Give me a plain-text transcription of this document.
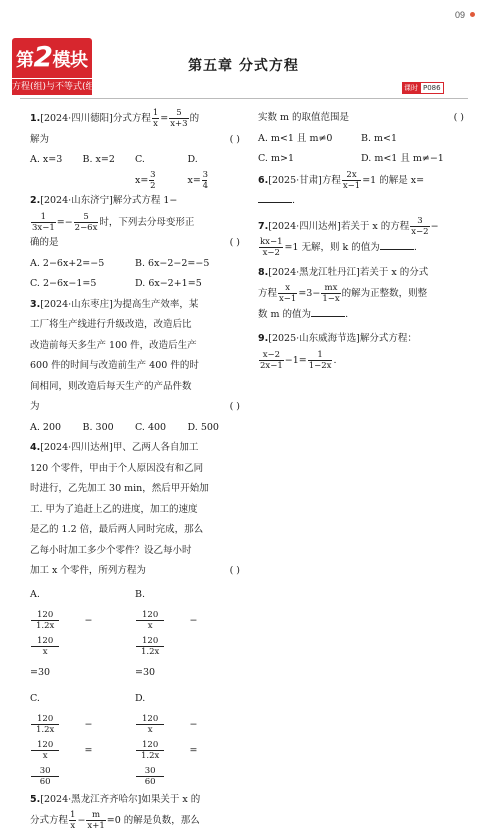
09
第2模块
方程(组)与不等式(组)
第五章 分式方程
课时 P086
1.[2024·四川德阳]分式方程 $\frac{1}{x} = \frac{5}{x+3}$ 的
解为	( )
A. x=3	B. x=2	C. $x= \frac{3}{2}$
D. $x= \frac{3}{4}$
2.[2024·山东济宁]解分式方程 1−

$\frac{1}{3x-1} =- \frac{5}{2-6x}$ 时，下列去分母变形正
确的是	( )
A. 2−6x+2=−5	B. 6x−2−2=−5
C. 2−6x−1=5	D. 6x−2+1=5
3.[2024·山东枣庄]为提高生产效率，某
工厂将生产线进行升级改造，改造后比
改造前每天多生产 100 件，改造后生产
600 件的时间与改造前生产 400 件的时
间相同，则改造后每天生产的产品件数
为	( )
A. 200	B. 300	C. 400	D. 500
4.[2024·四川达州]甲、乙两人各自加工
120 个零件，甲由于个人原因没有和乙同
时进行，乙先加工 30 min，然后甲开始加
工. 甲为了追赶上乙的进度，加工的速度
是乙的 1.2 倍，最后两人同时完成，那么
乙每小时加工多少个零件？设乙每小时
加工 x 个零件，所列方程为	( )
A.
$\frac{120}{1.2x}$ −
$\frac{120}{x}$
=30
B.
$\frac{120}{x}$ −
$\frac{120}{1.2x}$
=30
C.
$\frac{120}{1.2x}$ −
$\frac{120}{x}$ =
$\frac{30}{60}$
D.
$\frac{120}{x}$ −
$\frac{120}{1.2x}$ =
$\frac{30}{60}$
5.[2024·黑龙江齐齐哈尔]如果关于 x 的
分式方程 $\frac{1}{x} - \frac{m}{x+1} =0$ 的解是负数，那么
实数 m 的取值范围是	( )
A. m<1 且 m≠0	B. m<1
C. m>1	D. m<1 且 m≠−1
6.[2025·甘肃]方程 $\frac{2x}{x-1} =1$ 的解是 x=
.
7.[2024·四川达州]若关于 x 的方程 $\frac{3}{x-2}$ −

$\frac{kx-1}{x-2} =1$ 无解，则 k 的值为	.
8.[2024·黑龙江牡丹江]若关于 x 的分式
方程 $\frac{x}{x-1} =3- \frac{mx}{1-x}$ 的解为正整数，则整
数 m 的值为	.
9.[2025·山东威海节选]解分式方程：

$\frac{x-2}{2x-1} -1= \frac{1}{1-2x}$ .
